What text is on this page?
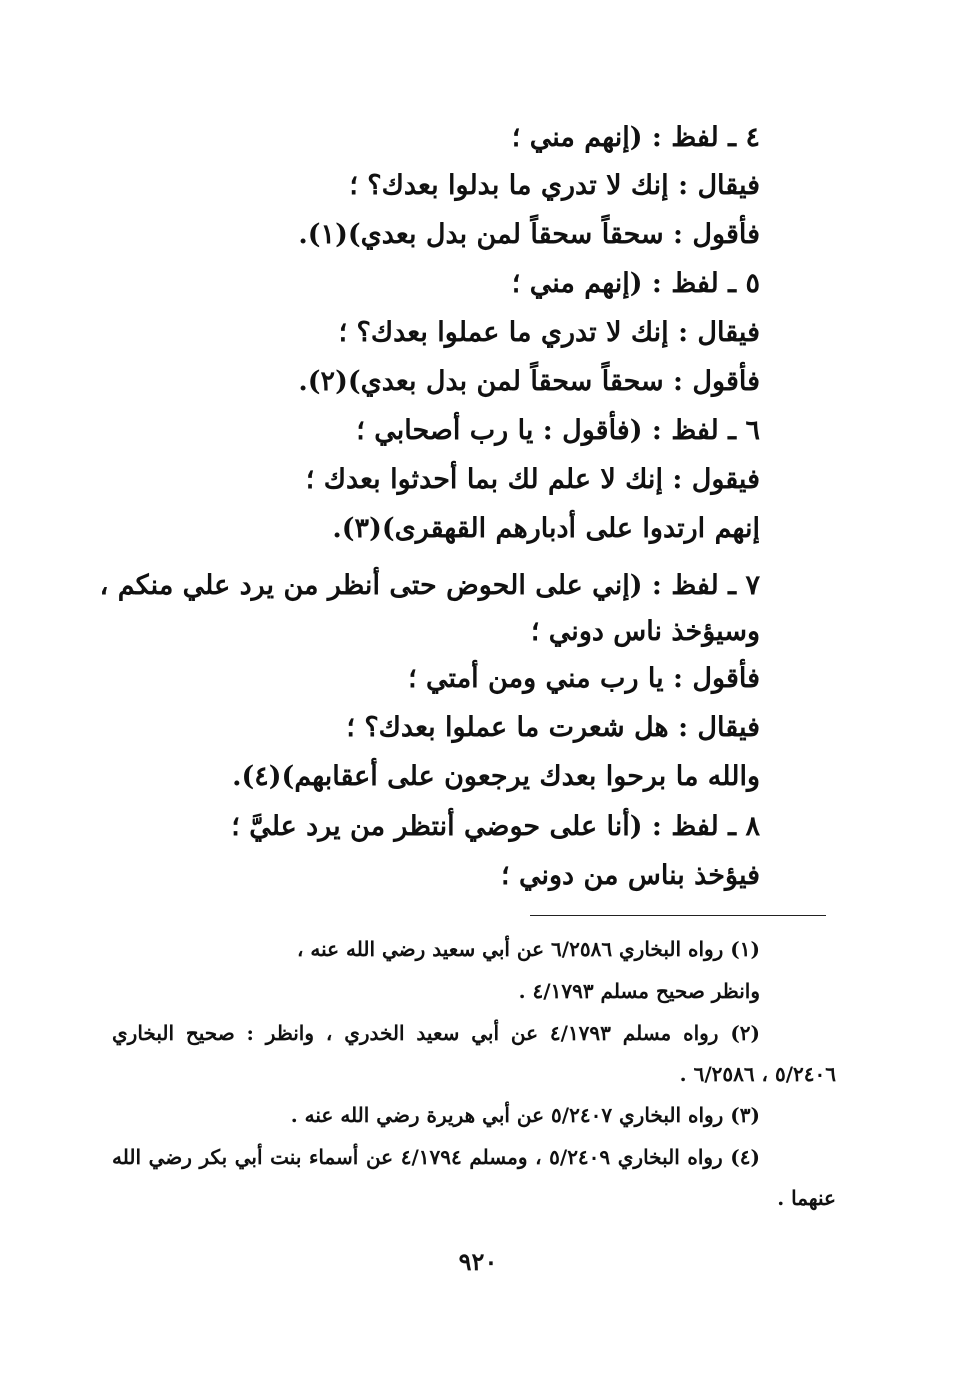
٤ ـ لفظ : (إنهم مني ؛
فيقال : إنك لا تدري ما بدلوا بعدك؟ ؛
فأقول : سحقاً سحقاً لمن بدل بعدي)(١).
٥ ـ لفظ : (إنهم مني ؛
فيقال : إنك لا تدري ما عملوا بعدك؟ ؛
فأقول : سحقاً سحقاً لمن بدل بعدي)(٢).
٦ ـ لفظ : (فأقول : يا رب أصحابي ؛
فيقول : إنك لا علم لك بما أحدثوا بعدك ؛
إنهم ارتدوا على أدبارهم القهقرى)(٣).
٧ ـ لفظ : (إني على الحوض حتى أنظر من يرد علي منكم ،
وسيؤخذ ناس دوني ؛
فأقول : يا رب مني ومن أمتي ؛
فيقال : هل شعرت ما عملوا بعدك؟ ؛
والله ما برحوا بعدك يرجعون على أعقابهم)(٤).
٨ ـ لفظ : (أنا على حوضي أنتظر من يرد عليَّ ؛
فيؤخذ بناس من دوني ؛
(١) رواه البخاري ٦/٢٥٨٦ عن أبي سعيد رضي الله عنه ،
وانظر صحيح مسلم ٤/١٧٩٣ .
(٢) رواه مسلم ٤/١٧٩٣ عن أبي سعيد الخدري ، وانظر : صحيح البخاري
٥/٢٤٠٦ ، ٦/٢٥٨٦ .
(٣) رواه البخاري ٥/٢٤٠٧ عن أبي هريرة رضي الله عنه .
(٤) رواه البخاري ٥/٢٤٠٩ ، ومسلم ٤/١٧٩٤ عن أسماء بنت أبي بكر رضي الله
عنهما .
٩٢٠
